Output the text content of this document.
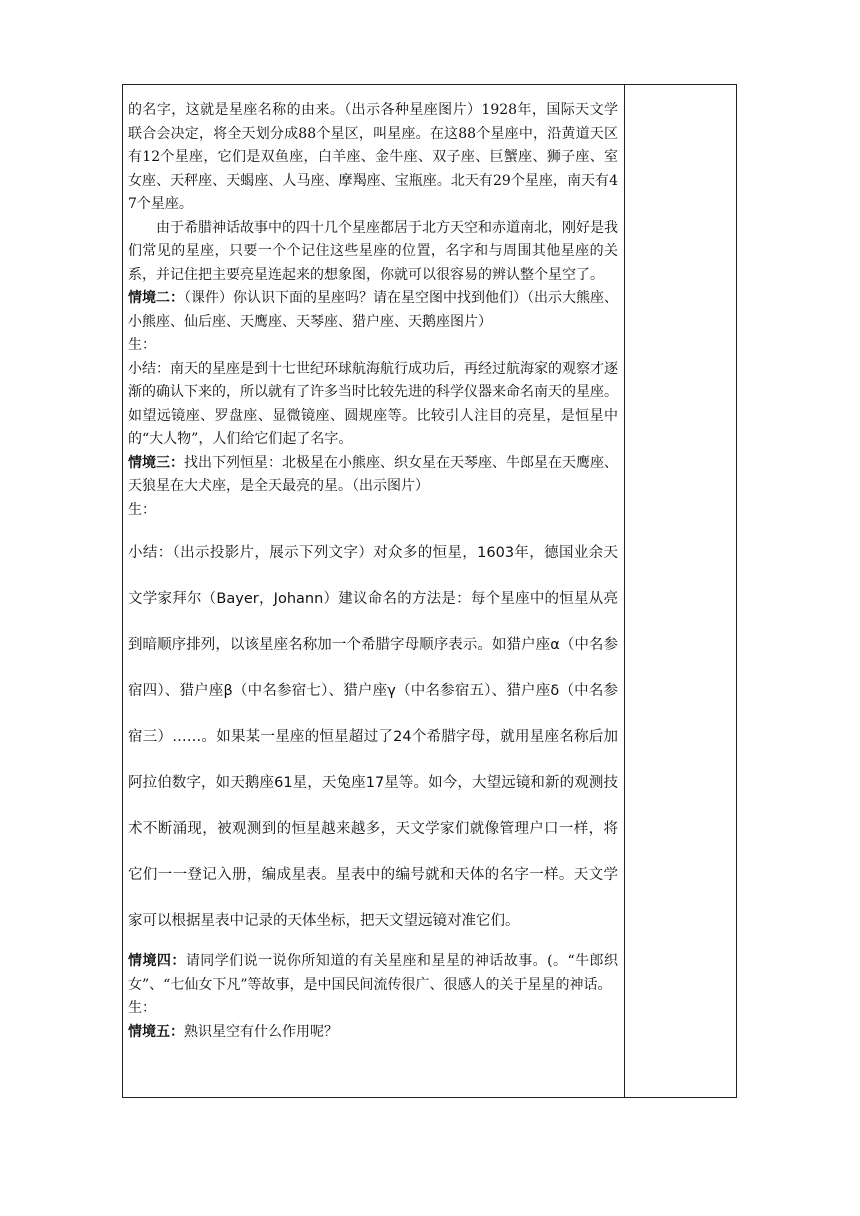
的名字，这就是星座名称的由来。（出示各种星座图片）1928年，国际天文学联合会决定，将全天划分成88个星区，叫星座。在这88个星座中，沿黄道天区有12个星座，它们是双鱼座，白羊座、金牛座、双子座、巨蟹座、狮子座、室女座、天秤座、天蝎座、人马座、摩羯座、宝瓶座。北天有29个星座，南天有47个星座。

由于希腊神话故事中的四十几个星座都居于北方天空和赤道南北，刚好是我们常见的星座，只要一个个记住这些星座的位置，名字和与周围其他星座的关系，并记住把主要亮星连起来的想象图，你就可以很容易的辨认整个星空了。

情境二：（课件）你认识下面的星座吗？请在星空图中找到他们）（出示大熊座、小熊座、仙后座、天鹰座、天琴座、猎户座、天鹅座图片）

生：

小结：南天的星座是到十七世纪环球航海航行成功后，再经过航海家的观察才逐渐的确认下来的，所以就有了许多当时比较先进的科学仪器来命名南天的星座。如望远镜座、罗盘座、显微镜座、圆规座等。比较引人注目的亮星，是恒星中的“大人物”，人们给它们起了名字。

情境三：找出下列恒星：北极星在小熊座、织女星在天琴座、牛郎星在天鹰座、天狼星在大犬座，是全天最亮的星。（出示图片）

生：

小结：（出示投影片，展示下列文字）对众多的恒星，1603年，德国业余天文学家拜尔（Bayer，Johann）建议命名的方法是：每个星座中的恒星从亮到暗顺序排列，以该星座名称加一个希腊字母顺序表示。如猎户座α（中名参宿四）、猎户座β（中名参宿七）、猎户座γ（中名参宿五）、猎户座δ（中名参宿三）……。如果某一星座的恒星超过了24个希腊字母，就用星座名称后加阿拉伯数字，如天鹅座61星，天兔座17星等。如今，大望远镜和新的观测技术不断涌现，被观测到的恒星越来越多，天文学家们就像管理户口一样，将它们一一登记入册，编成星表。星表中的编号就和天体的名字一样。天文学家可以根据星表中记录的天体坐标，把天文望远镜对准它们。

情境四：请同学们说一说你所知道的有关星座和星星的神话故事。(。“牛郎织女”、“七仙女下凡”等故事，是中国民间流传很广、很感人的关于星星的神话。

生：

情境五：熟识星空有什么作用呢？
